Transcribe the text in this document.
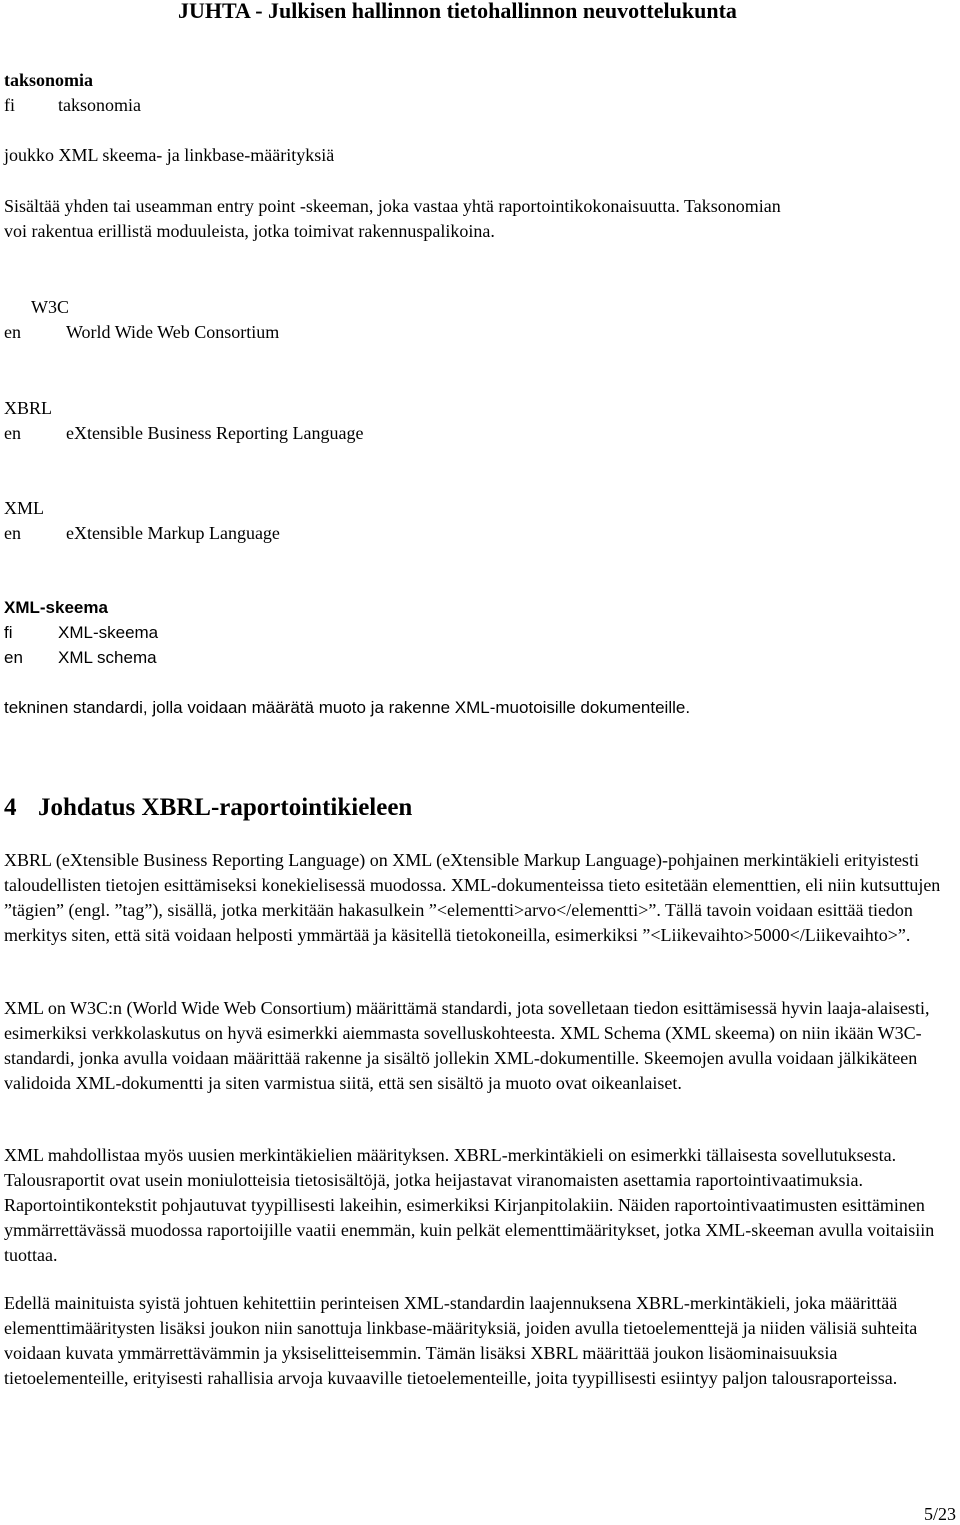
JUHTA - Julkisen hallinnon tietohallinnon neuvottelukunta
taksonomia
fi taksonomia
joukko XML skeema- ja linkbase-määrityksiä
Sisältää yhden tai useamman entry point -skeeman, joka vastaa yhtä raportointikokonaisuutta. Taksonomian
voi rakentua erillistä moduuleista, jotka toimivat rakennuspalikoina.
W3C
en	World Wide Web Consortium
XBRL
en	eXtensible Business Reporting Language
XML
en	eXtensible Markup Language
XML-skeema
fi	XML-skeema
en XML schema
tekninen standardi, jolla voidaan määrätä muoto ja rakenne XML-muotoisille dokumenteille.
4 Johdatus XBRL-raportointikieleen

XBRL (eXtensible Business Reporting Language) on XML (eXtensible Markup Language)-pohjainen merkintäkieli erityistesti taloudellisten tietojen esittämiseksi konekielisessä muodossa. XML-dokumenteissa tieto esitetään elementtien, eli niin kutsuttujen ”tägien” (engl. ”tag”), sisällä, jotka merkitään hakasulkein ”<elementti>arvo</elementti>”. Tällä tavoin voidaan esittää tiedon merkitys siten, että sitä voidaan helposti ymmärtää ja käsitellä tietokoneilla, esimerkiksi ”<Liikevaihto>5000</Liikevaihto>”.

XML on W3C:n (World Wide Web Consortium) määrittämä standardi, jota sovelletaan tiedon esittämisessä hyvin laaja-alaisesti, esimerkiksi verkkolaskutus on hyvä esimerkki aiemmasta sovelluskohteesta. XML Schema (XML skeema) on niin ikään W3C-standardi, jonka avulla voidaan määrittää rakenne ja sisältö jollekin XML-dokumentille. Skeemojen avulla voidaan jälkikäteen validoida XML-dokumentti ja siten varmistua siitä, että sen sisältö ja muoto ovat oikeanlaiset.

XML mahdollistaa myös uusien merkintäkielien määrityksen. XBRL-merkintäkieli on esimerkki tällaisesta sovellutuksesta. Talousraportit ovat usein moniulotteisia tietosisältöjä, jotka heijastavat viranomaisten asettamia raportointivaatimuksia. Raportointikontekstit pohjautuvat tyypillisesti lakeihin, esimerkiksi Kirjanpitolakiin. Näiden raportointivaatimusten esittäminen ymmärrettävässä muodossa raportoijille vaatii enemmän, kuin pelkät elementtimääritykset, jotka XML-skeeman avulla voitaisiin tuottaa.

Edellä mainituista syistä johtuen kehitettiin perinteisen XML-standardin laajennuksena XBRL-merkintäkieli, joka määrittää elementtimääritysten lisäksi joukon niin sanottuja linkbase-määrityksiä, joiden avulla tietoelementtejä ja niiden välisiä suhteita voidaan kuvata ymmärrettävämmin ja yksiselitteisemmin. Tämän lisäksi XBRL määrittää joukon lisäominaisuuksia tietoelementeille, erityisesti rahallisia arvoja kuvaaville tietoelementeille, joita tyypillisesti esiintyy paljon talousraporteissa.

5/23
